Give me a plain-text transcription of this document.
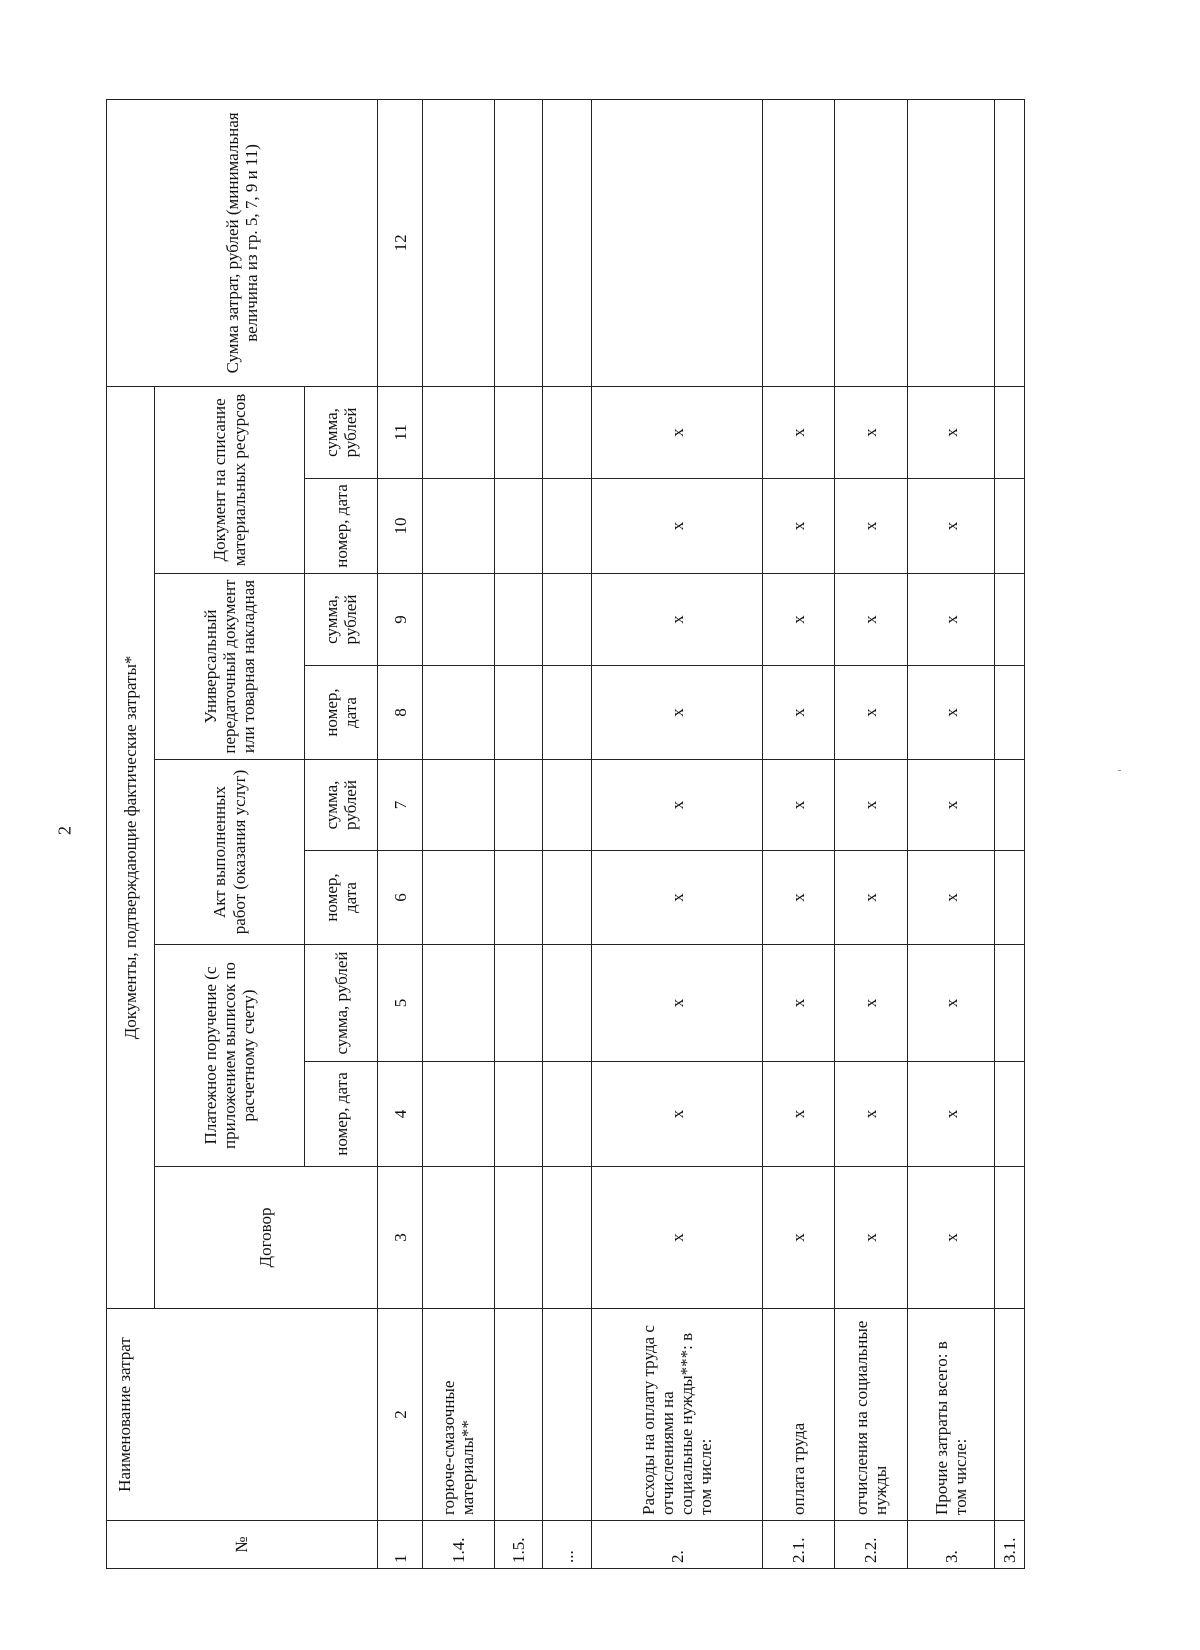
2
№	Наименование затрат	Документы, подтверждающие фактические затраты*									Сумма затрат, рублей (минимальная величина из гр. 5, 7, 9 и 11)
		Договор	Платежное поручение (с приложением выписок по расчетному счету)		Акт выполненных работ (оказания услуг)		Универсальный передаточный документ или товарная накладная		Документ на списание материальных ресурсов		
			номер, дата	сумма, рублей	номер, дата	сумма, рублей	номер, дата	сумма, рублей	номер, дата	сумма, рублей	
1	2	3	4	5	6	7	8	9	10	11	12
1.4.	горюче-смазочные материалы**										
1.5.											
...											
2.	Расходы на оплату труда с отчислениями на социальные нужды***: в том числе:	x	x	x	x	x	x	x	x	x	
2.1.	оплата труда	x	x	x	x	x	x	x	x	x	
2.2.	отчисления на социальные нужды	x	x	x	x	x	x	x	x	x	
3.	Прочие затраты всего: в том числе:	x	x	x	x	x	x	x	x	x	
3.1.											
